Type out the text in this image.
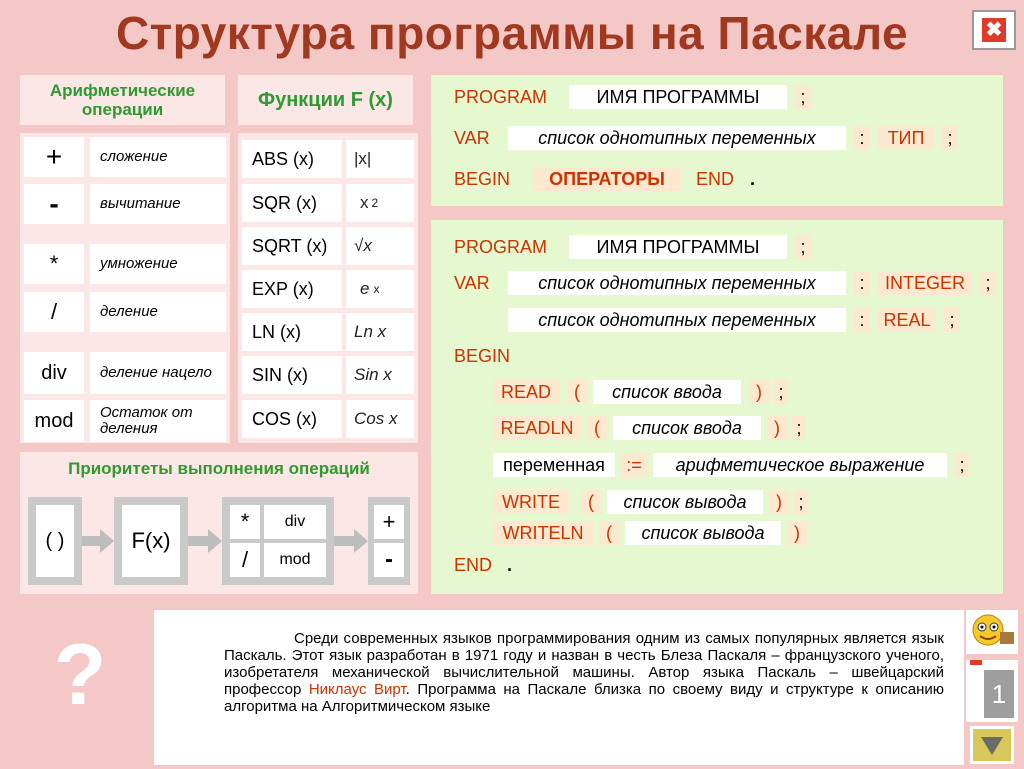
Структура программы на Паскале	✖
Арифметические операции
+	сложение
-	вычитание
*	умножение
/	деление
div	деление нацело
mod	Остаток от деления
Функции F (x)
ABS (x)	|x|
SQR (x)	x 2
SQRT (x)	√x
EXP (x)	e x
LN (x)	Ln x
SIN (x)	Sin x
COS (x)	Cos x
Приоритеты выполнения операций
( )	F(x)
*	div
/	mod
+
-
PROGRAM	ИМЯ ПРОГРАММЫ	;
VAR	список однотипных переменных	:	ТИП	;
BEGIN	ОПЕРАТОРЫ	END .
PROGRAM	ИМЯ ПРОГРАММЫ	;
VAR	список однотипных переменных	:	INTEGER	;
список однотипных переменных	:	REAL	;
BEGIN
READ	(	список ввода	) ;
READLN	(	список ввода	) ;
переменная	:=	арифметическое выражение	;
WRITE	(	список вывода	) ;
WRITELN	(	список вывода	)
END .
?	Среди современных языков программирования одним из самых популярных является язык Паскаль. Этот язык разработан в 1971 году и назван в честь Блеза Паскаля – французского ученого, изобретателя механической вычислительной машины. Автор языка Паскаль – швейцарский профессор Никлаус Вирт. Программа на Паскале близка по своему виду и структуре к описанию алгоритма на Алгоритмическом языке	1
